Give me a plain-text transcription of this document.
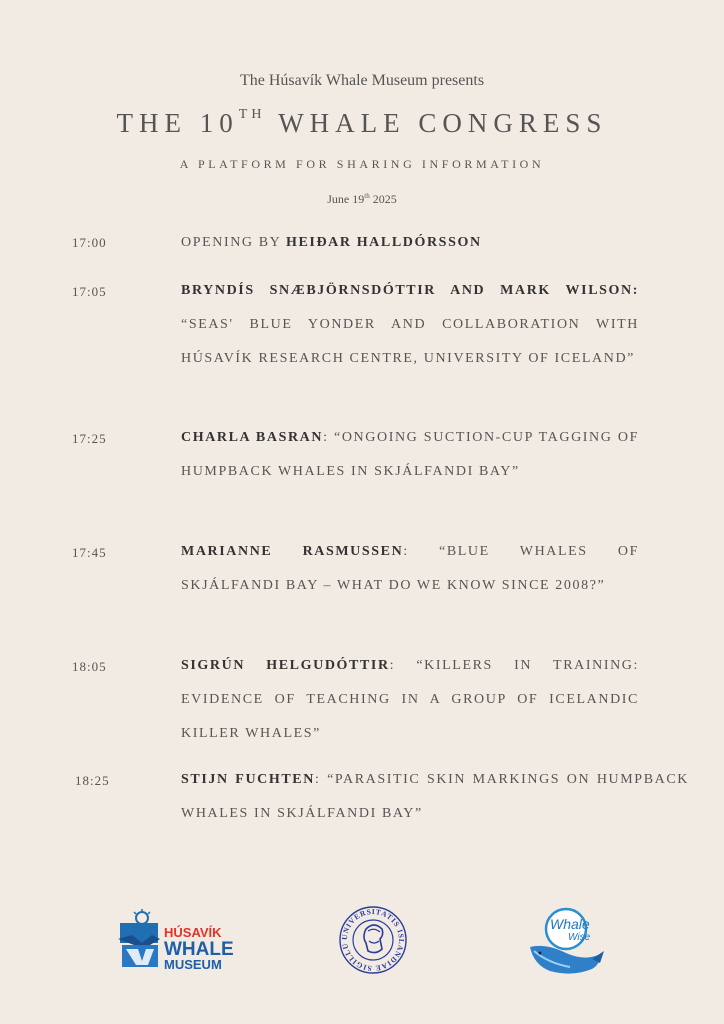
The Húsavík Whale Museum presents
THE 10TH WHALE CONGRESS
A PLATFORM FOR SHARING INFORMATION
June 19th 2025
17:00	OPENING BY HEIÐAR HALLDÓRSSON
17:05	BRYNDÍS SNÆBJÖRNSDÓTTIR AND MARK WILSON: “SEAS' BLUE YONDER AND COLLABORATION WITH HÚSAVÍK RESEARCH CENTRE, UNIVERSITY OF ICELAND”
17:25	CHARLA BASRAN: “ONGOING SUCTION-CUP TAGGING OF HUMPBACK WHALES IN SKJÁLFANDI BAY”
17:45	MARIANNE RASMUSSEN: “BLUE WHALES OF SKJÁLFANDI BAY – WHAT DO WE KNOW SINCE 2008?”
18:05	SIGRÚN HELGUDÓTTIR: “KILLERS IN TRAINING: EVIDENCE OF TEACHING IN A GROUP OF ICELANDIC KILLER WHALES”
18:25	STIJN FUCHTEN: “PARASITIC SKIN MARKINGS ON HUMPBACK WHALES IN SKJÁLFANDI BAY”
HÚSAVÍK
WHALE
MUSEUM
UNIVERSITATIS ISLANDIAE SIGILLU
Whale
Wise
